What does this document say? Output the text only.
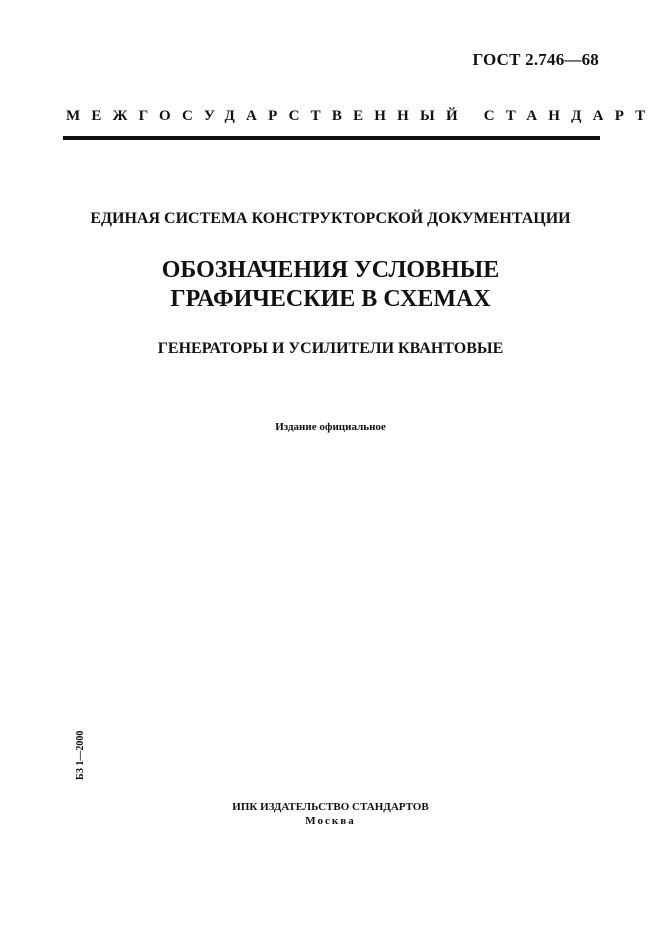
ГОСТ 2.746—68
МЕЖГОСУДАРСТВЕННЫЙ СТАНДАРТ
ЕДИНАЯ СИСТЕМА КОНСТРУКТОРСКОЙ ДОКУМЕНТАЦИИ
ОБОЗНАЧЕНИЯ УСЛОВНЫЕ
ГРАФИЧЕСКИЕ В СХЕМАХ
ГЕНЕРАТОРЫ И УСИЛИТЕЛИ КВАНТОВЫЕ
Издание официальное
БЗ 1—2000
ИПК ИЗДАТЕЛЬСТВО СТАНДАРТОВ
Москва
